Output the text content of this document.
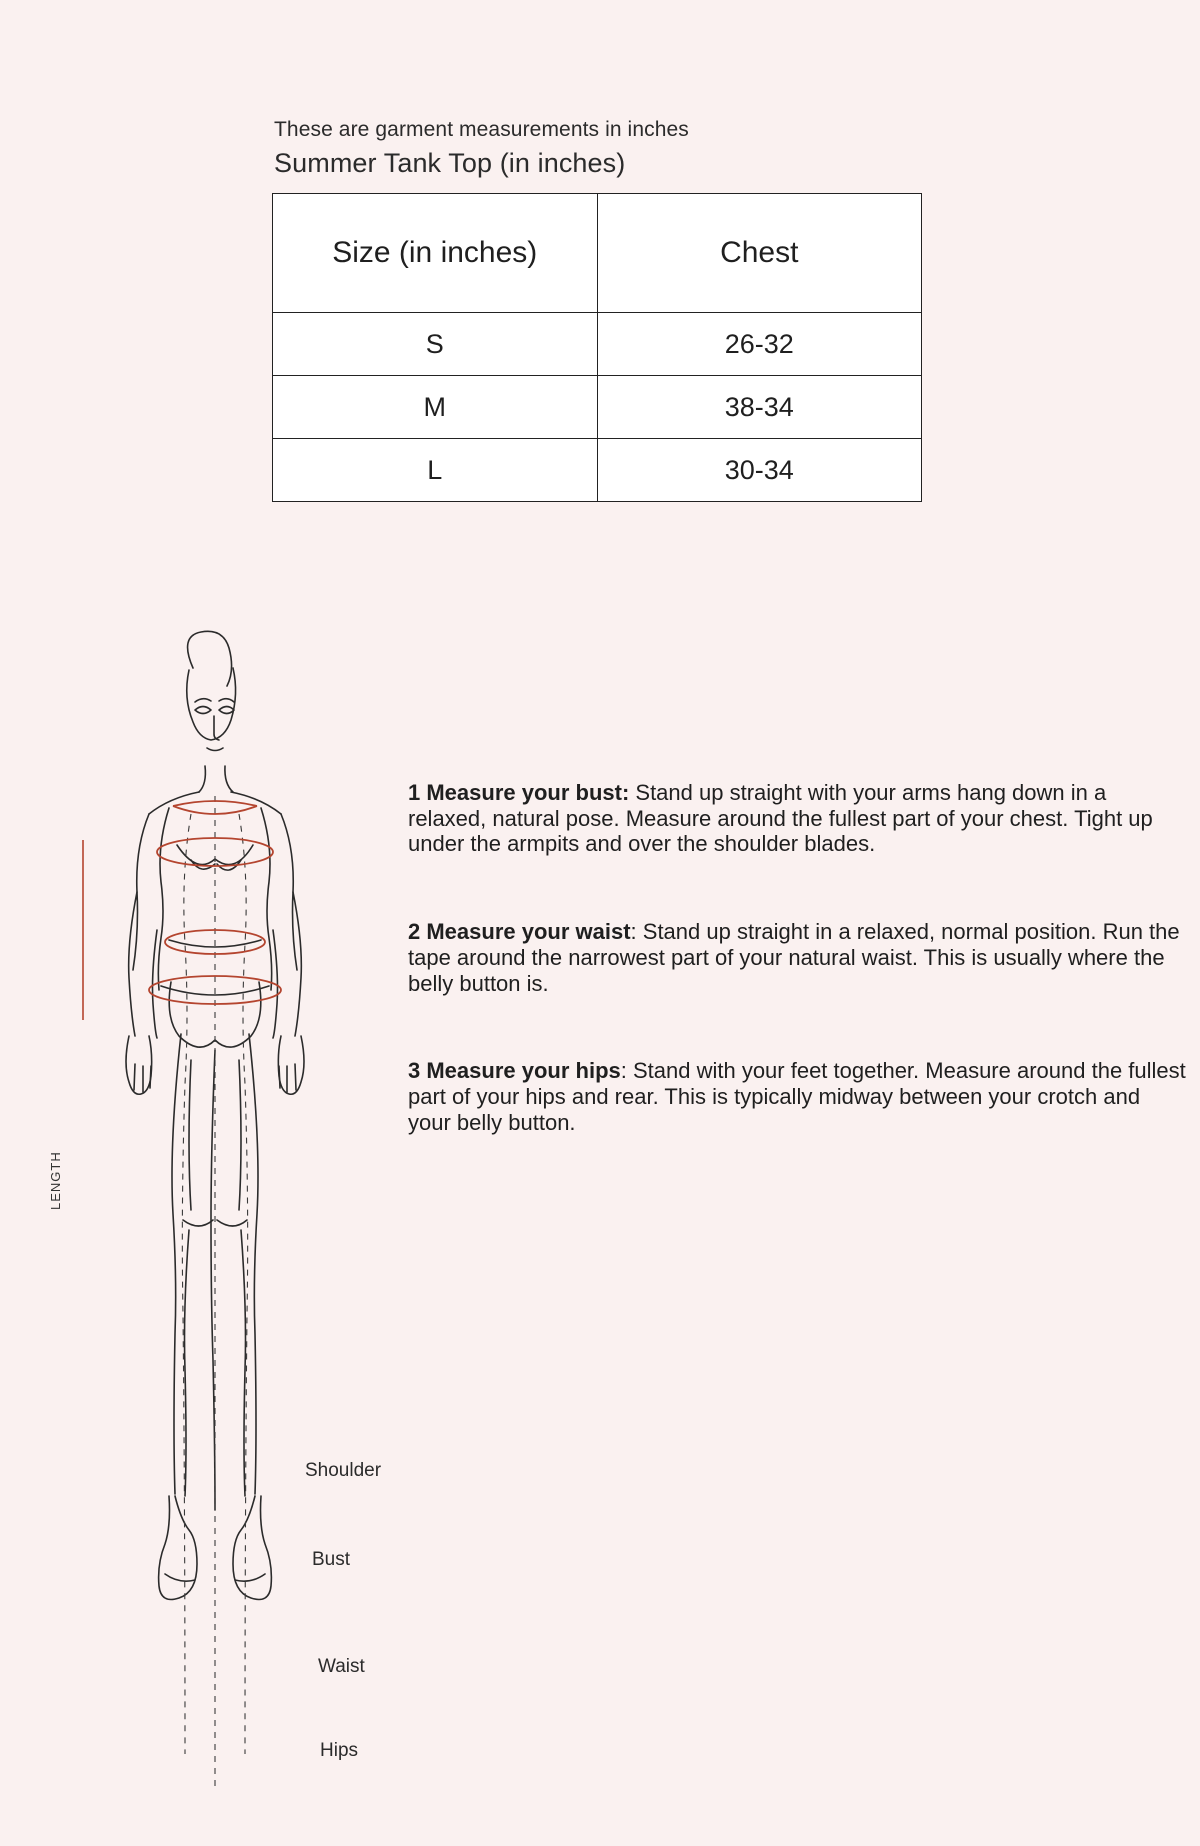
These are garment measurements in inches
Summer Tank Top (in inches)
Size (in inches)	Chest
S	26-32
M	38-34
L	30-34
LENGTH
Shoulder
Bust
Waist
Hips

1 Measure your bust: Stand up straight with your arms hang down in a relaxed, natural pose. Measure around the fullest part of your chest. Tight up under the armpits and over the shoulder blades.

2 Measure your waist: Stand up straight in a relaxed, normal position. Run the tape around the narrowest part of your natural waist. This is usually where the belly button is.

3 Measure your hips: Stand with your feet together. Measure around the fullest part of your hips and rear. This is typically midway between your crotch and your belly button.
